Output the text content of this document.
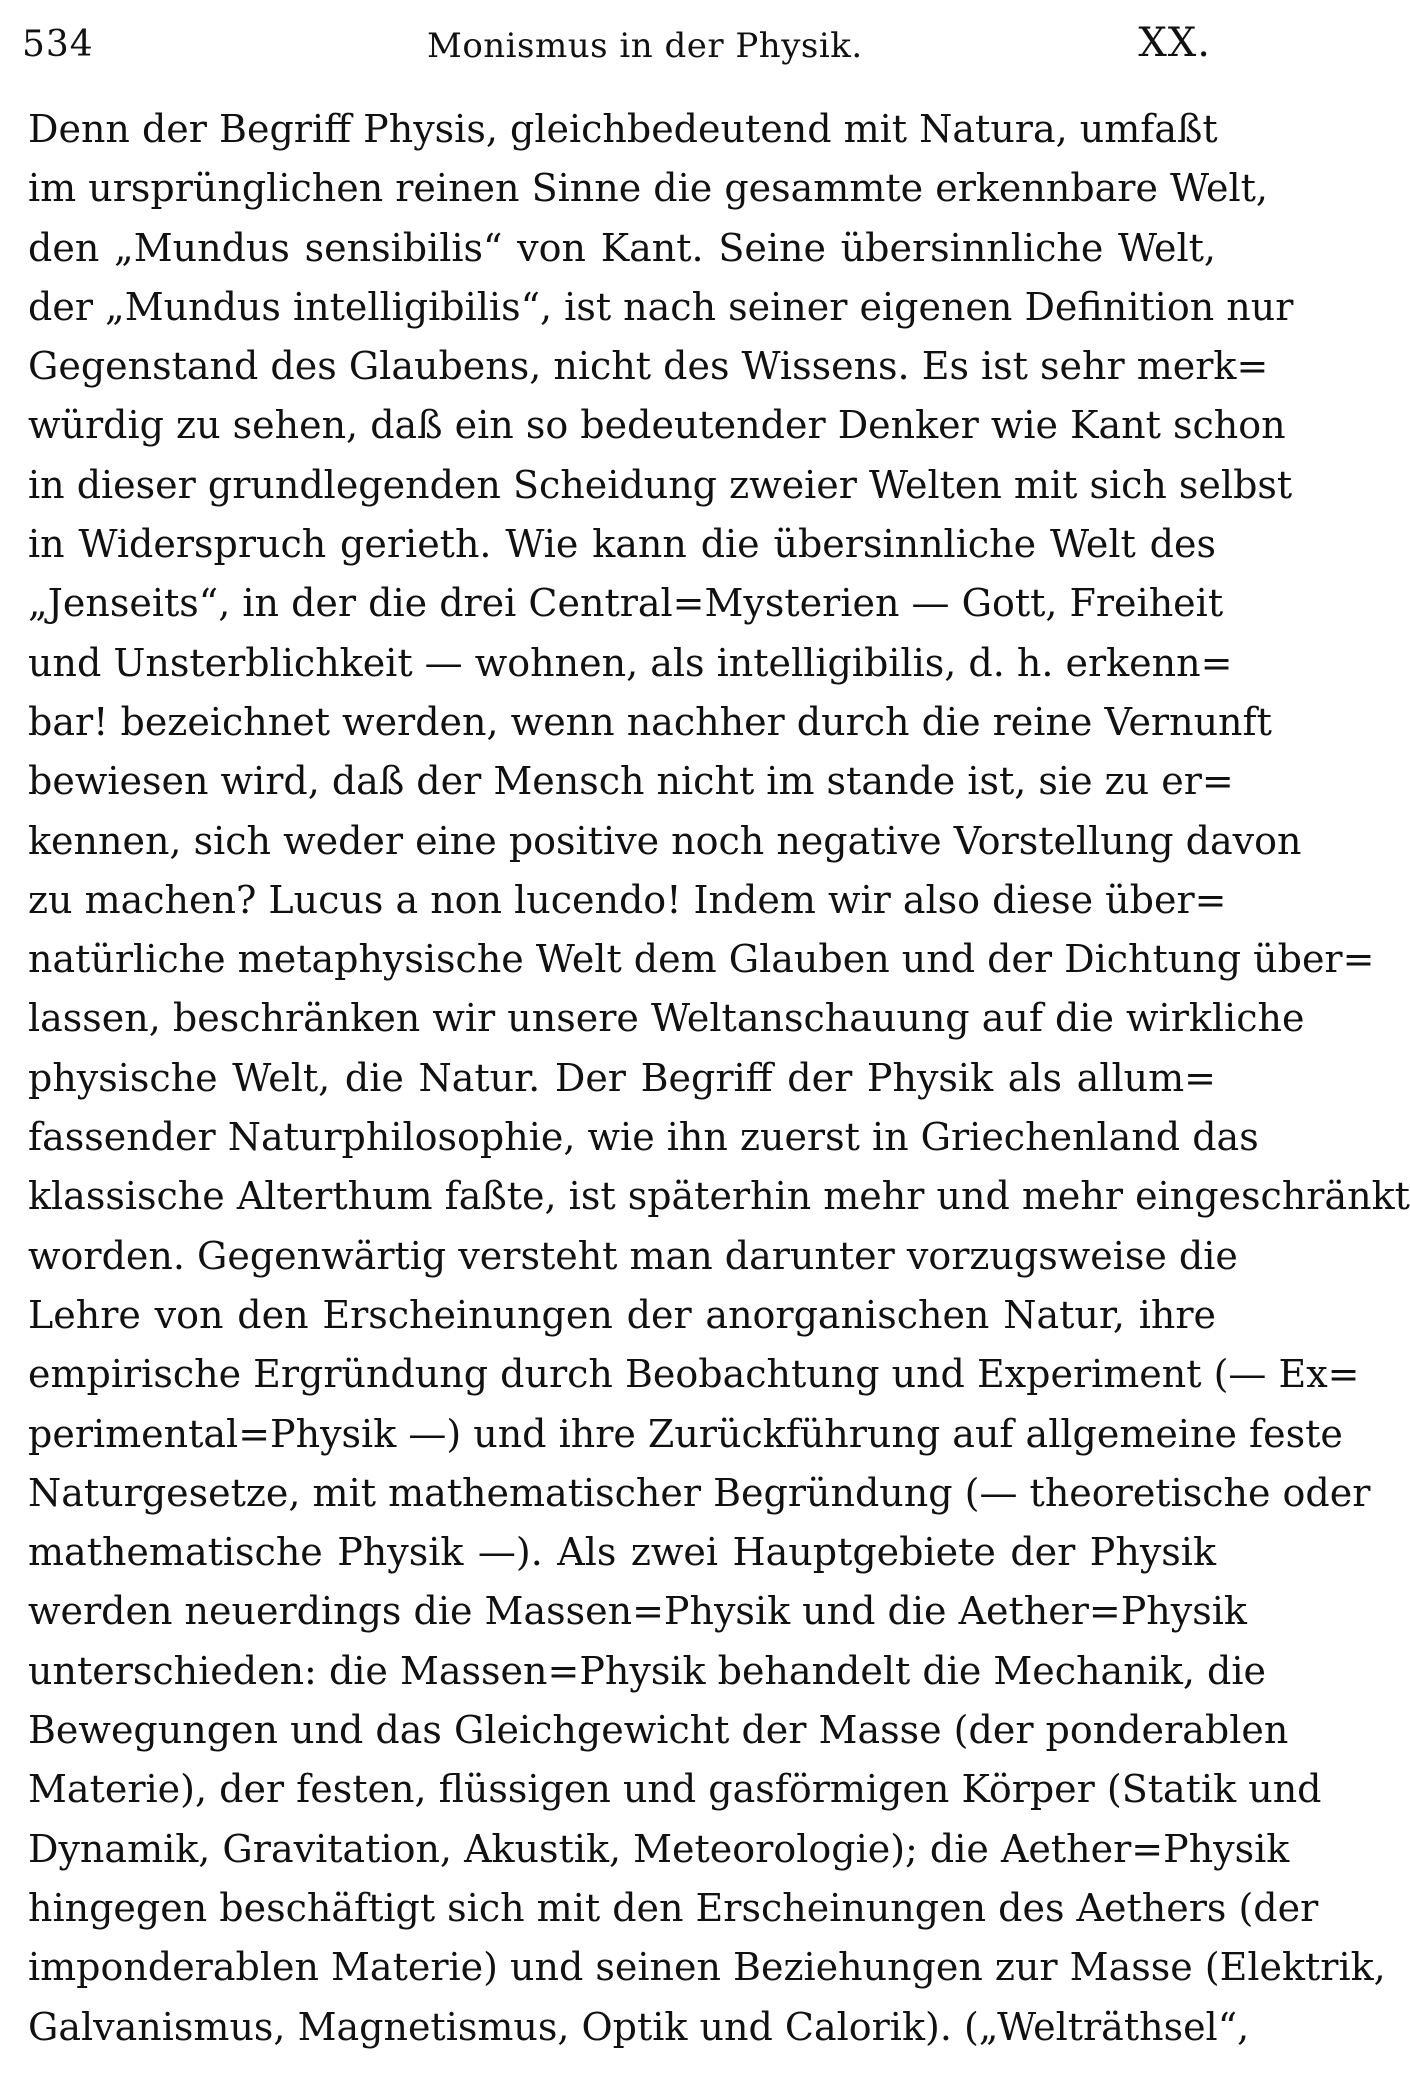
534	Monismus in der Physik.	XX.
Denn der Begriff Physis, gleichbedeutend mit Natura, umfaßt
im ursprünglichen reinen Sinne die gesammte erkennbare Welt,
den „Mundus sensibilis“ von Kant. Seine übersinnliche Welt,
der „Mundus intelligibilis“, ist nach seiner eigenen Definition nur
Gegenstand des Glaubens, nicht des Wissens. Es ist sehr merk=
würdig zu sehen, daß ein so bedeutender Denker wie Kant schon
in dieser grundlegenden Scheidung zweier Welten mit sich selbst
in Widerspruch gerieth. Wie kann die übersinnliche Welt des
„Jenseits“, in der die drei Central=Mysterien — Gott, Freiheit
und Unsterblichkeit — wohnen, als intelligibilis, d. h. erkenn=
bar! bezeichnet werden, wenn nachher durch die reine Vernunft
bewiesen wird, daß der Mensch nicht im stande ist, sie zu er=
kennen, sich weder eine positive noch negative Vorstellung davon
zu machen? Lucus a non lucendo! Indem wir also diese über=
natürliche metaphysische Welt dem Glauben und der Dichtung über=
lassen, beschränken wir unsere Weltanschauung auf die wirkliche
physische Welt, die Natur. Der Begriff der Physik als allum=
fassender Naturphilosophie, wie ihn zuerst in Griechenland das
klassische Alterthum faßte, ist späterhin mehr und mehr eingeschränkt
worden. Gegenwärtig versteht man darunter vorzugsweise die
Lehre von den Erscheinungen der anorganischen Natur, ihre
empirische Ergründung durch Beobachtung und Experiment (— Ex=
perimental=Physik —) und ihre Zurückführung auf allgemeine feste
Naturgesetze, mit mathematischer Begründung (— theoretische oder
mathematische Physik —). Als zwei Hauptgebiete der Physik
werden neuerdings die Massen=Physik und die Aether=Physik
unterschieden: die Massen=Physik behandelt die Mechanik, die
Bewegungen und das Gleichgewicht der Masse (der ponderablen
Materie), der festen, flüssigen und gasförmigen Körper (Statik und
Dynamik, Gravitation, Akustik, Meteorologie); die Aether=Physik
hingegen beschäftigt sich mit den Erscheinungen des Aethers (der
imponderablen Materie) und seinen Beziehungen zur Masse (Elektrik,
Galvanismus, Magnetismus, Optik und Calorik). („Welträthsel“,
